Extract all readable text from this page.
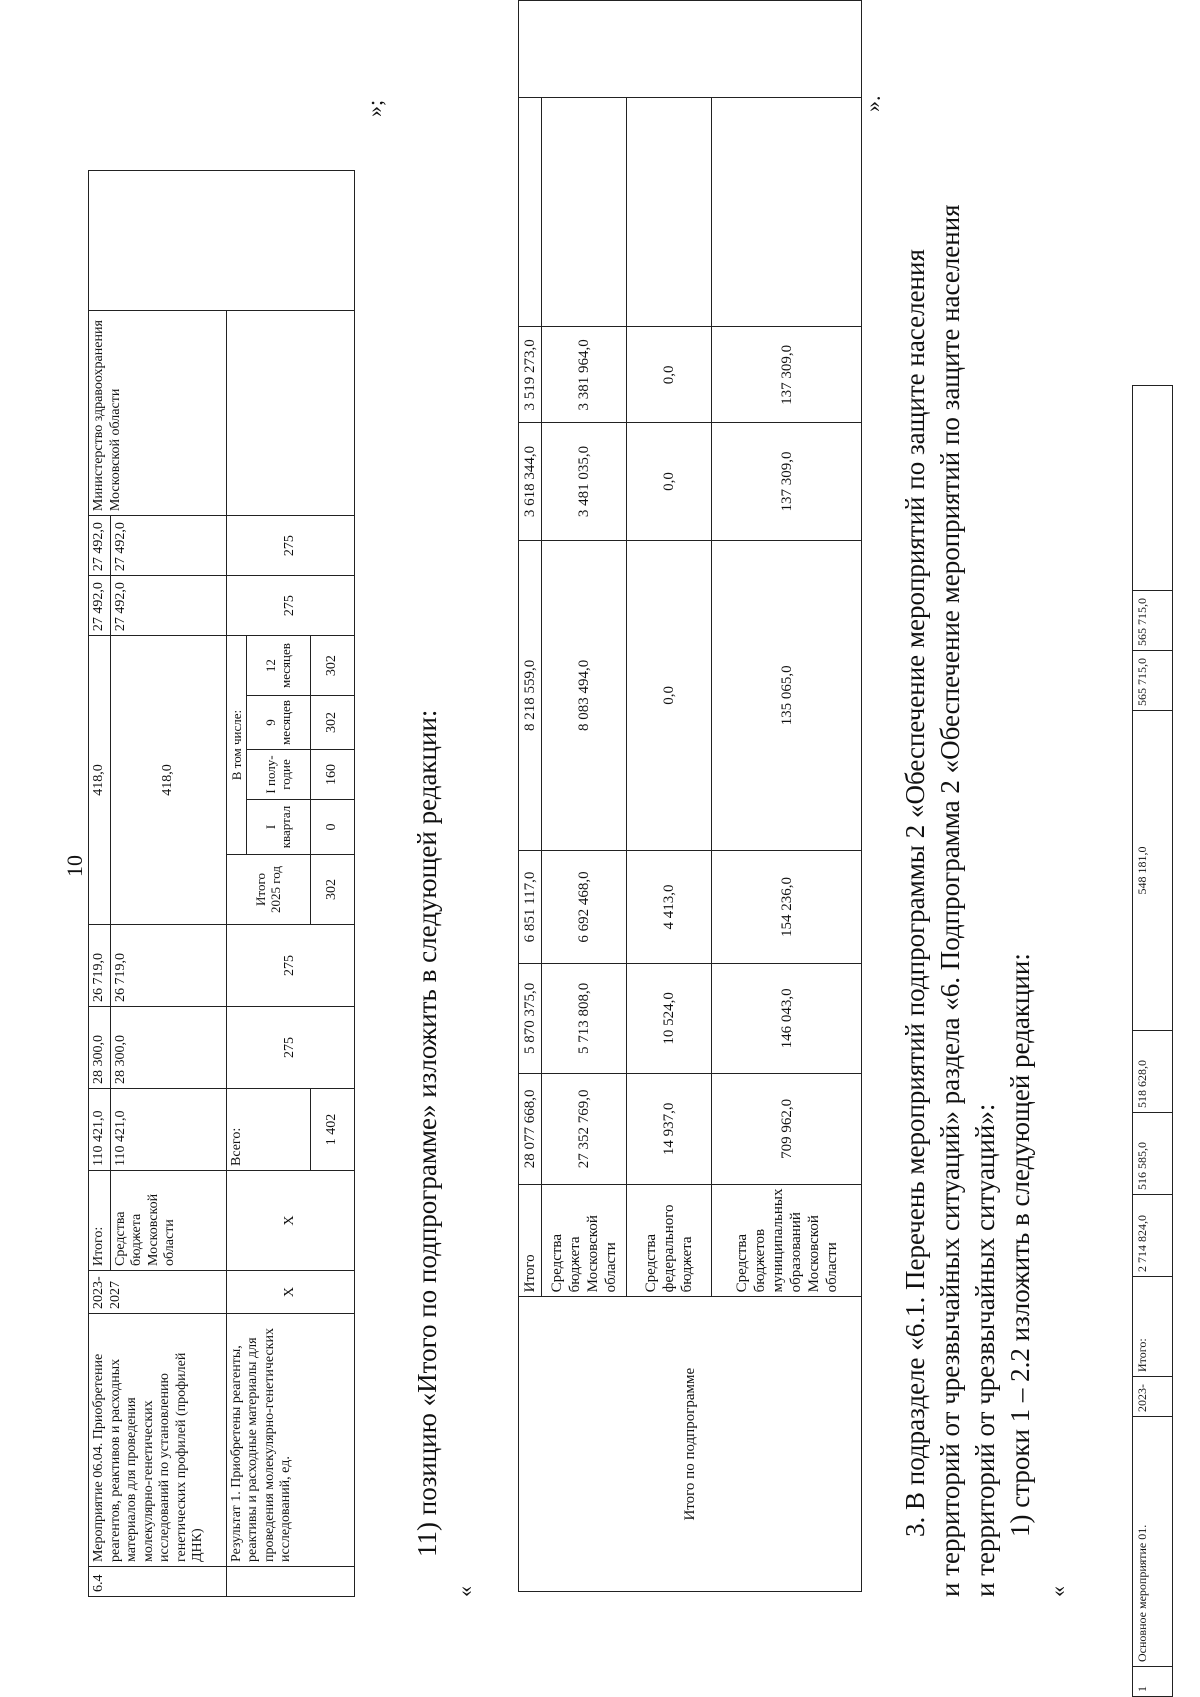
10
6.4	Мероприятие 06.04. Приобретение реагентов, реактивов и расходных материалов для проведения молекулярно-генетических исследований по установлению генетических профилей (профилей ДНК)	2023-2027	Итого:	110 421,0	28 300,0	26 719,0	418,0					27 492,0	27 492,0	Министерство здравоохранения Московской области	
			Средства бюджета Московской области	110 421,0	28 300,0	26 719,0	418,0					27 492,0	27 492,0		
	Результат 1. Приобретены реагенты, реактивы и расходные материалы для проведения молекулярно-генетических исследований, ед.	Х	Х	Всего:	275	275	Итого 2025 год	В том числе:				275	275		
								I квартал	I полу-годие	9 месяцев	12 месяцев				
				1 402			302	0	160	302	302				
»;
11) позицию «Итого по подпрограмме» изложить в следующей редакции:
«
Итого по подпрограмме	Итого	28 077 668,0	5 870 375,0	6 851 117,0	8 218 559,0	3 618 344,0	3 519 273,0		
	Средства бюджета Московской области	27 352 769,0	5 713 808,0	6 692 468,0	8 083 494,0	3 481 035,0	3 381 964,0		
	Средства федерального бюджета	14 937,0	10 524,0	4 413,0	0,0	0,0	0,0		
	Средства бюджетов муниципальных образований Московской области	709 962,0	146 043,0	154 236,0	135 065,0	137 309,0	137 309,0		
».
3. В подразделе «6.1. Перечень мероприятий подпрограммы 2 «Обеспечение мероприятий по защите населения и территорий от чрезвычайных ситуаций» раздела «6. Подпрограмма 2 «Обеспечение мероприятий по защите населения и территорий от чрезвычайных ситуаций»: 1) строки 1 – 2.2 изложить в следующей редакции:
«
1	Основное мероприятие 01.	2023-	Итого:	2 714 824,0	516 585,0	518 628,0	548 181,0	565 715,0	565 715,0	
